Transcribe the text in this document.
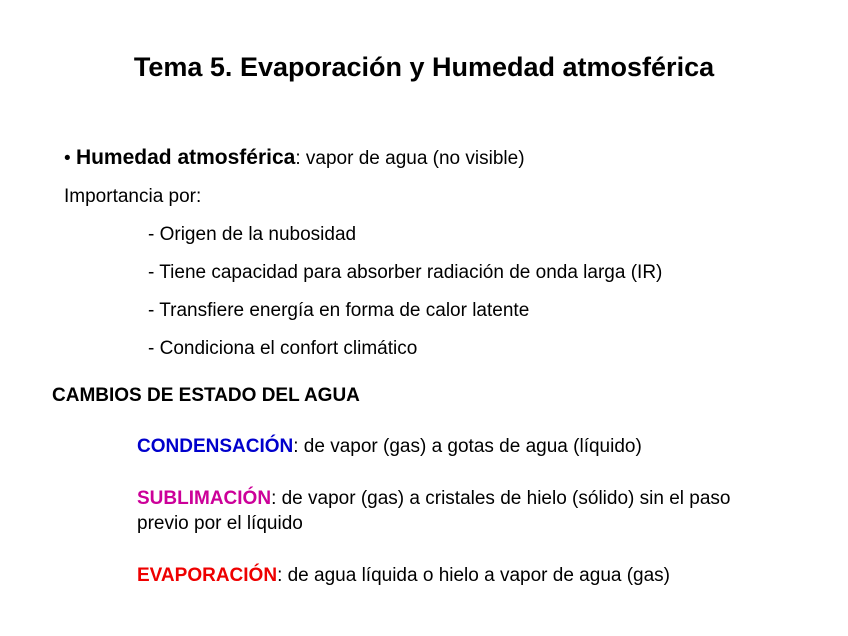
Tema 5. Evaporación y Humedad atmosférica

• Humedad atmosférica: vapor de agua (no visible)

Importancia por:

- Origen de la nubosidad

- Tiene capacidad para absorber radiación de onda larga (IR)

- Transfiere energía en forma de calor latente

- Condiciona el confort climático

CAMBIOS DE ESTADO DEL AGUA

CONDENSACIÓN: de vapor (gas) a gotas de agua (líquido)

SUBLIMACIÓN: de vapor (gas) a cristales de hielo (sólido) sin el paso previo por el líquido

EVAPORACIÓN: de agua líquida o hielo a vapor de agua (gas)
